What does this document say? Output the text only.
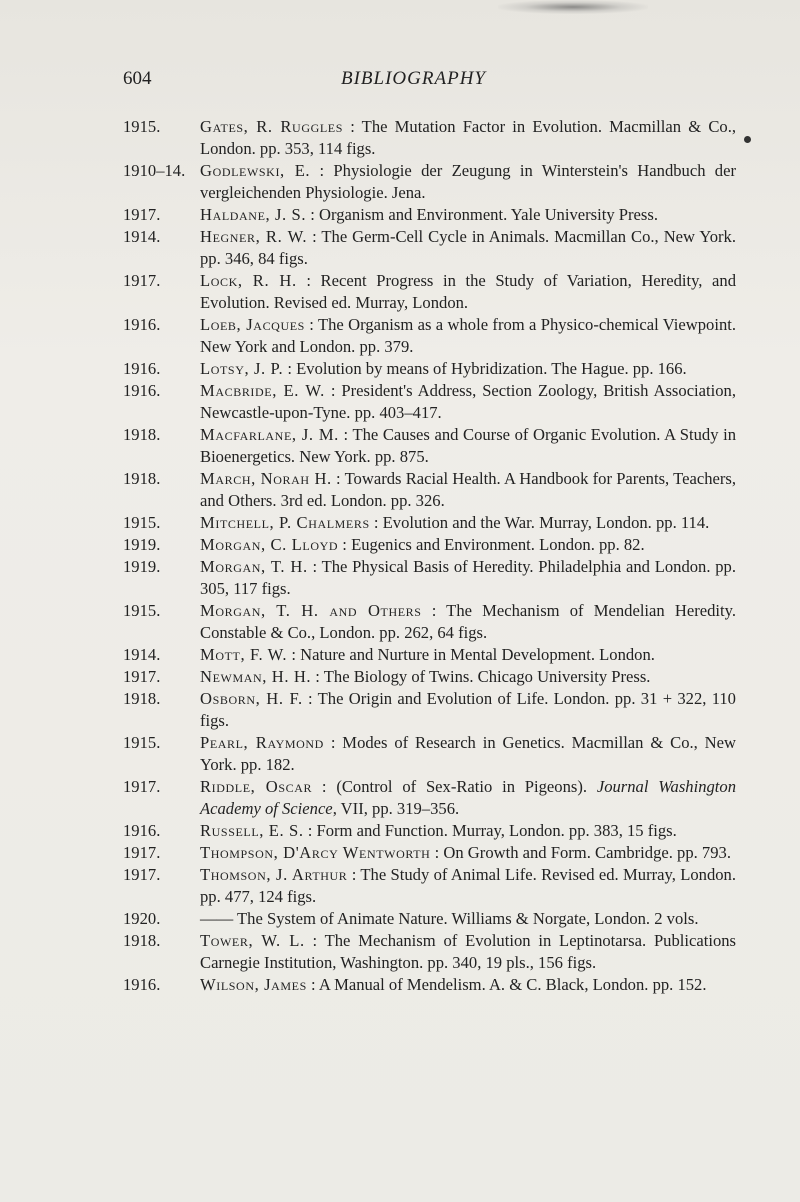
604	BIBLIOGRAPHY
1915. Gates, R. Ruggles : The Mutation Factor in Evolution. Macmillan & Co., London. pp. 353, 114 figs.
1910–14. Godlewski, E. : Physiologie der Zeugung in Winterstein's Handbuch der vergleichenden Physiologie. Jena.
1917. Haldane, J. S. : Organism and Environment. Yale University Press.
1914. Hegner, R. W. : The Germ-Cell Cycle in Animals. Macmillan Co., New York. pp. 346, 84 figs.
1917. Lock, R. H. : Recent Progress in the Study of Variation, Heredity, and Evolution. Revised ed. Murray, London.
1916. Loeb, Jacques : The Organism as a whole from a Physico-chemical Viewpoint. New York and London. pp. 379.
1916. Lotsy, J. P. : Evolution by means of Hybridization. The Hague. pp. 166.
1916. Macbride, E. W. : President's Address, Section Zoology, British Association, Newcastle-upon-Tyne. pp. 403–417.
1918. Macfarlane, J. M. : The Causes and Course of Organic Evolution. A Study in Bioenergetics. New York. pp. 875.
1918. March, Norah H. : Towards Racial Health. A Handbook for Parents, Teachers, and Others. 3rd ed. London. pp. 326.
1915. Mitchell, P. Chalmers : Evolution and the War. Murray, London. pp. 114.
1919. Morgan, C. Lloyd : Eugenics and Environment. London. pp. 82.
1919. Morgan, T. H. : The Physical Basis of Heredity. Philadelphia and London. pp. 305, 117 figs.
1915. Morgan, T. H. and Others : The Mechanism of Mendelian Heredity. Constable & Co., London. pp. 262, 64 figs.
1914. Mott, F. W. : Nature and Nurture in Mental Development. London.
1917. Newman, H. H. : The Biology of Twins. Chicago University Press.
1918. Osborn, H. F. : The Origin and Evolution of Life. London. pp. 31 + 322, 110 figs.
1915. Pearl, Raymond : Modes of Research in Genetics. Macmillan & Co., New York. pp. 182.
1917. Riddle, Oscar : (Control of Sex-Ratio in Pigeons). Journal Washington Academy of Science, VII, pp. 319–356.
1916. Russell, E. S. : Form and Function. Murray, London. pp. 383, 15 figs.
1917. Thompson, D'Arcy Wentworth : On Growth and Form. Cambridge. pp. 793.
1917. Thomson, J. Arthur : The Study of Animal Life. Revised ed. Murray, London. pp. 477, 124 figs.
1920. —— The System of Animate Nature. Williams & Norgate, London. 2 vols.
1918. Tower, W. L. : The Mechanism of Evolution in Leptinotarsa. Publications Carnegie Institution, Washington. pp. 340, 19 pls., 156 figs.
1916. Wilson, James : A Manual of Mendelism. A. & C. Black, London. pp. 152.
